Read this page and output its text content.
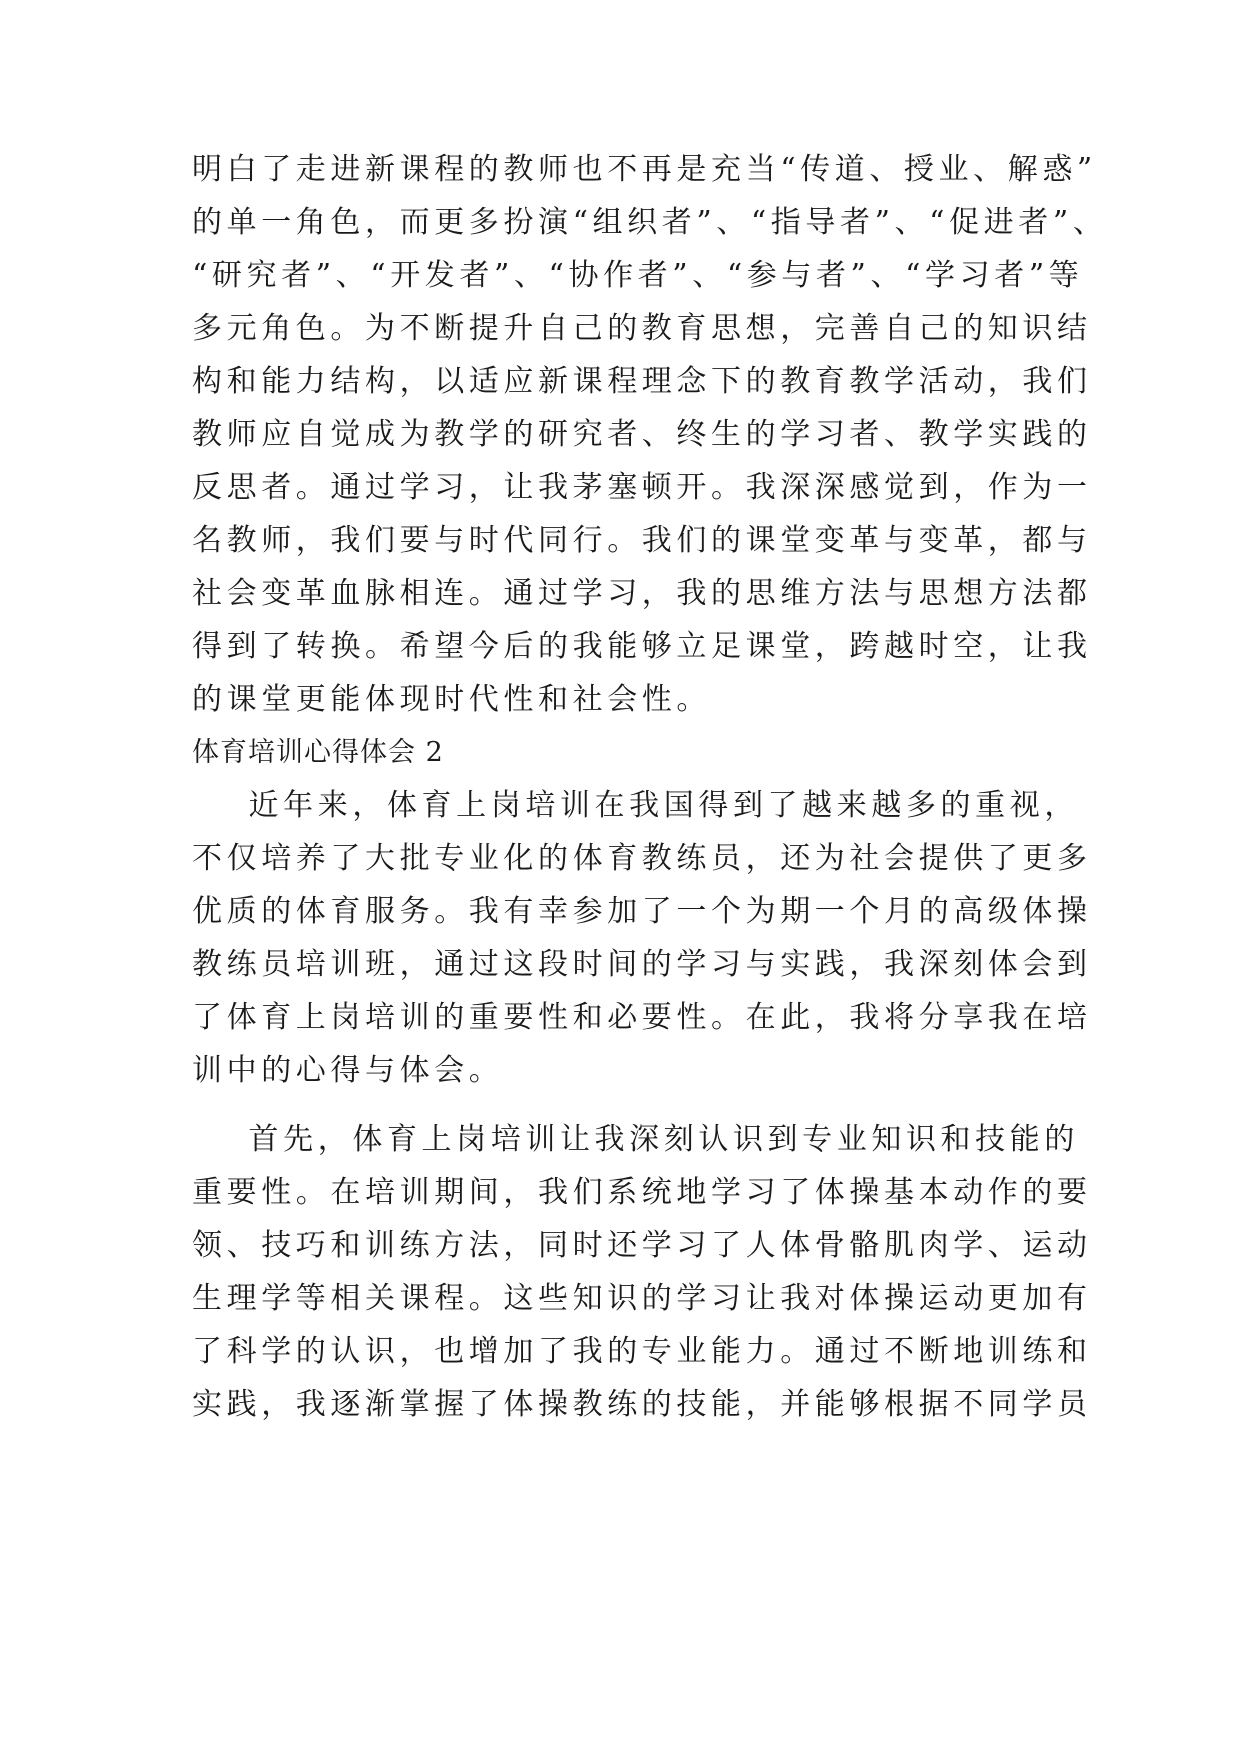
明白了走进新课程的教师也不再是充当“传道、授业、解惑”
的单一角色，而更多扮演“组织者”、“指导者”、“促进者”、
“研究者”、“开发者”、“协作者”、“参与者”、“学习者”等
多元角色。为不断提升自己的教育思想，完善自己的知识结
构和能力结构，以适应新课程理念下的教育教学活动，我们
教师应自觉成为教学的研究者、终生的学习者、教学实践的
反思者。通过学习，让我茅塞顿开。我深深感觉到，作为一
名教师，我们要与时代同行。我们的课堂变革与变革，都与
社会变革血脉相连。通过学习，我的思维方法与思想方法都
得到了转换。希望今后的我能够立足课堂，跨越时空，让我
的课堂更能体现时代性和社会性。
体育培训心得体会 2
近年来，体育上岗培训在我国得到了越来越多的重视，
不仅培养了大批专业化的体育教练员，还为社会提供了更多
优质的体育服务。我有幸参加了一个为期一个月的高级体操
教练员培训班，通过这段时间的学习与实践，我深刻体会到
了体育上岗培训的重要性和必要性。在此，我将分享我在培
训中的心得与体会。
首先，体育上岗培训让我深刻认识到专业知识和技能的
重要性。在培训期间，我们系统地学习了体操基本动作的要
领、技巧和训练方法，同时还学习了人体骨骼肌肉学、运动
生理学等相关课程。这些知识的学习让我对体操运动更加有
了科学的认识，也增加了我的专业能力。通过不断地训练和
实践，我逐渐掌握了体操教练的技能，并能够根据不同学员
